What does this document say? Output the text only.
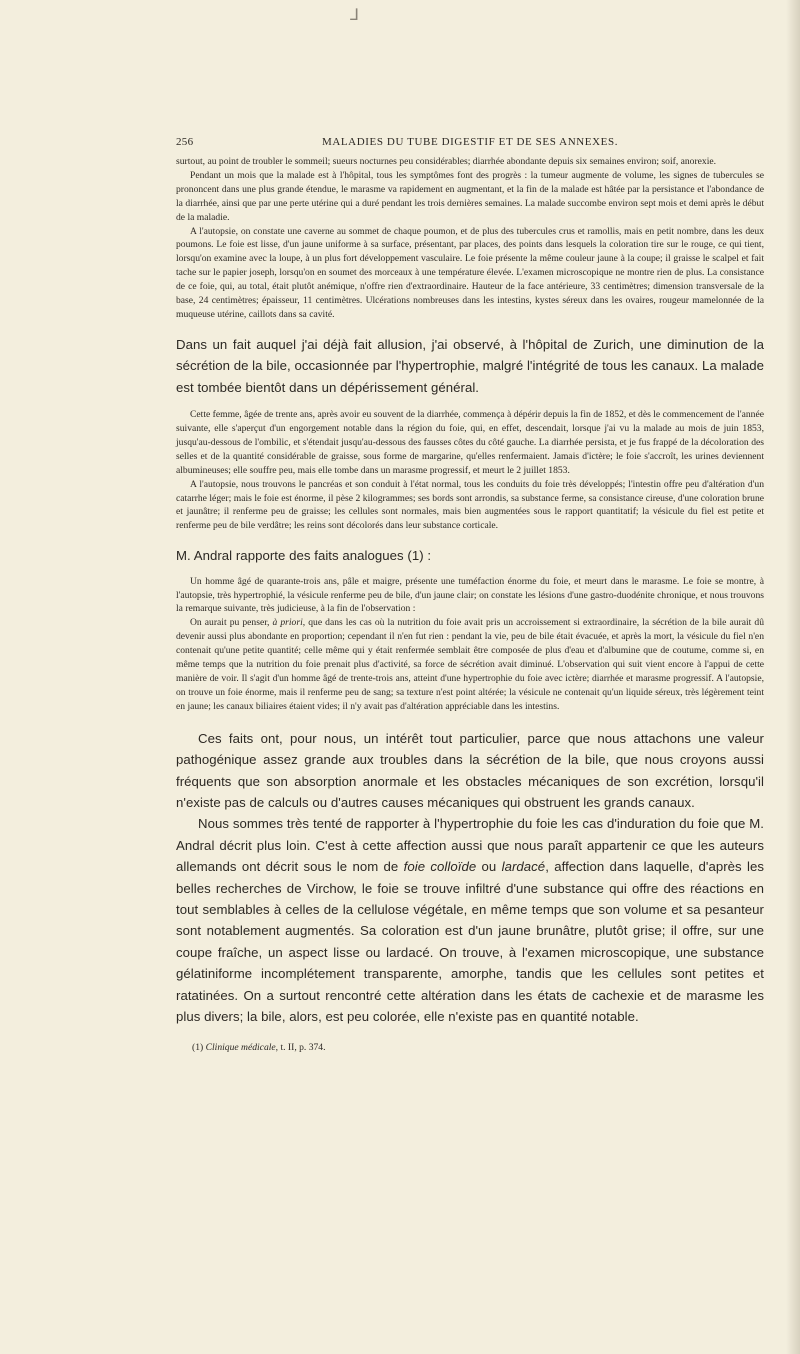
⅃
256	MALADIES DU TUBE DIGESTIF ET DE SES ANNEXES.

surtout, au point de troubler le sommeil; sueurs nocturnes peu considérables; diarrhée abondante depuis six semaines environ; soif, anorexie.

Pendant un mois que la malade est à l'hôpital, tous les symptômes font des progrès : la tumeur augmente de volume, les signes de tubercules se prononcent dans une plus grande étendue, le marasme va rapidement en augmentant, et la fin de la malade est hâtée par la persistance et l'abondance de la diarrhée, ainsi que par une perte utérine qui a duré pendant les trois dernières semaines. La malade succombe environ sept mois et demi après le début de la maladie.

A l'autopsie, on constate une caverne au sommet de chaque poumon, et de plus des tubercules crus et ramollis, mais en petit nombre, dans les deux poumons. Le foie est lisse, d'un jaune uniforme à sa surface, présentant, par places, des points dans lesquels la coloration tire sur le rouge, ce qui tient, lorsqu'on examine avec la loupe, à un plus fort développement vasculaire. Le foie présente la même couleur jaune à la coupe; il graisse le scalpel et fait tache sur le papier joseph, lorsqu'on en soumet des morceaux à une température élevée. L'examen microscopique ne montre rien de plus. La consistance de ce foie, qui, au total, était plutôt anémique, n'offre rien d'extraordinaire. Hauteur de la face antérieure, 33 centimètres; dimension transversale de la base, 24 centimètres; épaisseur, 11 centimètres. Ulcérations nombreuses dans les intestins, kystes séreux dans les ovaires, rougeur mamelonnée de la muqueuse utérine, caillots dans sa cavité.

Dans un fait auquel j'ai déjà fait allusion, j'ai observé, à l'hôpital de Zurich, une diminution de la sécrétion de la bile, occasionnée par l'hypertrophie, malgré l'intégrité de tous les canaux. La malade est tombée bientôt dans un dépérissement général.

Cette femme, âgée de trente ans, après avoir eu souvent de la diarrhée, commença à dépérir depuis la fin de 1852, et dès le commencement de l'année suivante, elle s'aperçut d'un engorgement notable dans la région du foie, qui, en effet, descendait, lorsque j'ai vu la malade au mois de juin 1853, jusqu'au-dessous de l'ombilic, et s'étendait jusqu'au-dessous des fausses côtes du côté gauche. La diarrhée persista, et je fus frappé de la décoloration des selles et de la quantité considérable de graisse, sous forme de margarine, qu'elles renfermaient. Jamais d'ictère; le foie s'accroît, les urines deviennent albumineuses; elle souffre peu, mais elle tombe dans un marasme progressif, et meurt le 2 juillet 1853.

A l'autopsie, nous trouvons le pancréas et son conduit à l'état normal, tous les conduits du foie très développés; l'intestin offre peu d'altération d'un catarrhe léger; mais le foie est énorme, il pèse 2 kilogrammes; ses bords sont arrondis, sa substance ferme, sa consistance cireuse, d'une coloration brune et jaunâtre; il renferme peu de graisse; les cellules sont normales, mais bien augmentées sous le rapport quantitatif; la vésicule du fiel est petite et renferme peu de bile verdâtre; les reins sont décolorés dans leur substance corticale.

M. Andral rapporte des faits analogues (1) :

Un homme âgé de quarante-trois ans, pâle et maigre, présente une tuméfaction énorme du foie, et meurt dans le marasme. Le foie se montre, à l'autopsie, très hypertrophié, la vésicule renferme peu de bile, d'un jaune clair; on constate les lésions d'une gastro-duodénite chronique, et nous trouvons la remarque suivante, très judicieuse, à la fin de l'observation :

On aurait pu penser, à priori, que dans les cas où la nutrition du foie avait pris un accroissement si extraordinaire, la sécrétion de la bile aurait dû devenir aussi plus abondante en proportion; cependant il n'en fut rien : pendant la vie, peu de bile était évacuée, et après la mort, la vésicule du fiel n'en contenait qu'une petite quantité; celle même qui y était renfermée semblait être composée de plus d'eau et d'albumine que de coutume, comme si, en même temps que la nutrition du foie prenait plus d'activité, sa force de sécrétion avait diminué. L'observation qui suit vient encore à l'appui de cette manière de voir. Il s'agit d'un homme âgé de trente-trois ans, atteint d'une hypertrophie du foie avec ictère; diarrhée et marasme progressif. A l'autopsie, on trouve un foie énorme, mais il renferme peu de sang; sa texture n'est point altérée; la vésicule ne contenait qu'un liquide séreux, très légèrement teint en jaune; les canaux biliaires étaient vides; il n'y avait pas d'altération appréciable dans les intestins.

Ces faits ont, pour nous, un intérêt tout particulier, parce que nous attachons une valeur pathogénique assez grande aux troubles dans la sécrétion de la bile, que nous croyons aussi fréquents que son absorption anormale et les obstacles mécaniques de son excrétion, lorsqu'il n'existe pas de calculs ou d'autres causes mécaniques qui obstruent les grands canaux.

Nous sommes très tenté de rapporter à l'hypertrophie du foie les cas d'induration du foie que M. Andral décrit plus loin. C'est à cette affection aussi que nous paraît appartenir ce que les auteurs allemands ont décrit sous le nom de foie colloïde ou lardacé, affection dans laquelle, d'après les belles recherches de Virchow, le foie se trouve infiltré d'une substance qui offre des réactions en tout semblables à celles de la cellulose végétale, en même temps que son volume et sa pesanteur sont notablement augmentés. Sa coloration est d'un jaune brunâtre, plutôt grise; il offre, sur une coupe fraîche, un aspect lisse ou lardacé. On trouve, à l'examen microscopique, une substance gélatiniforme incomplétement transparente, amorphe, tandis que les cellules sont petites et ratatinées. On a surtout rencontré cette altération dans les états de cachexie et de marasme les plus divers; la bile, alors, est peu colorée, elle n'existe pas en quantité notable.

(1) Clinique médicale, t. II, p. 374.
